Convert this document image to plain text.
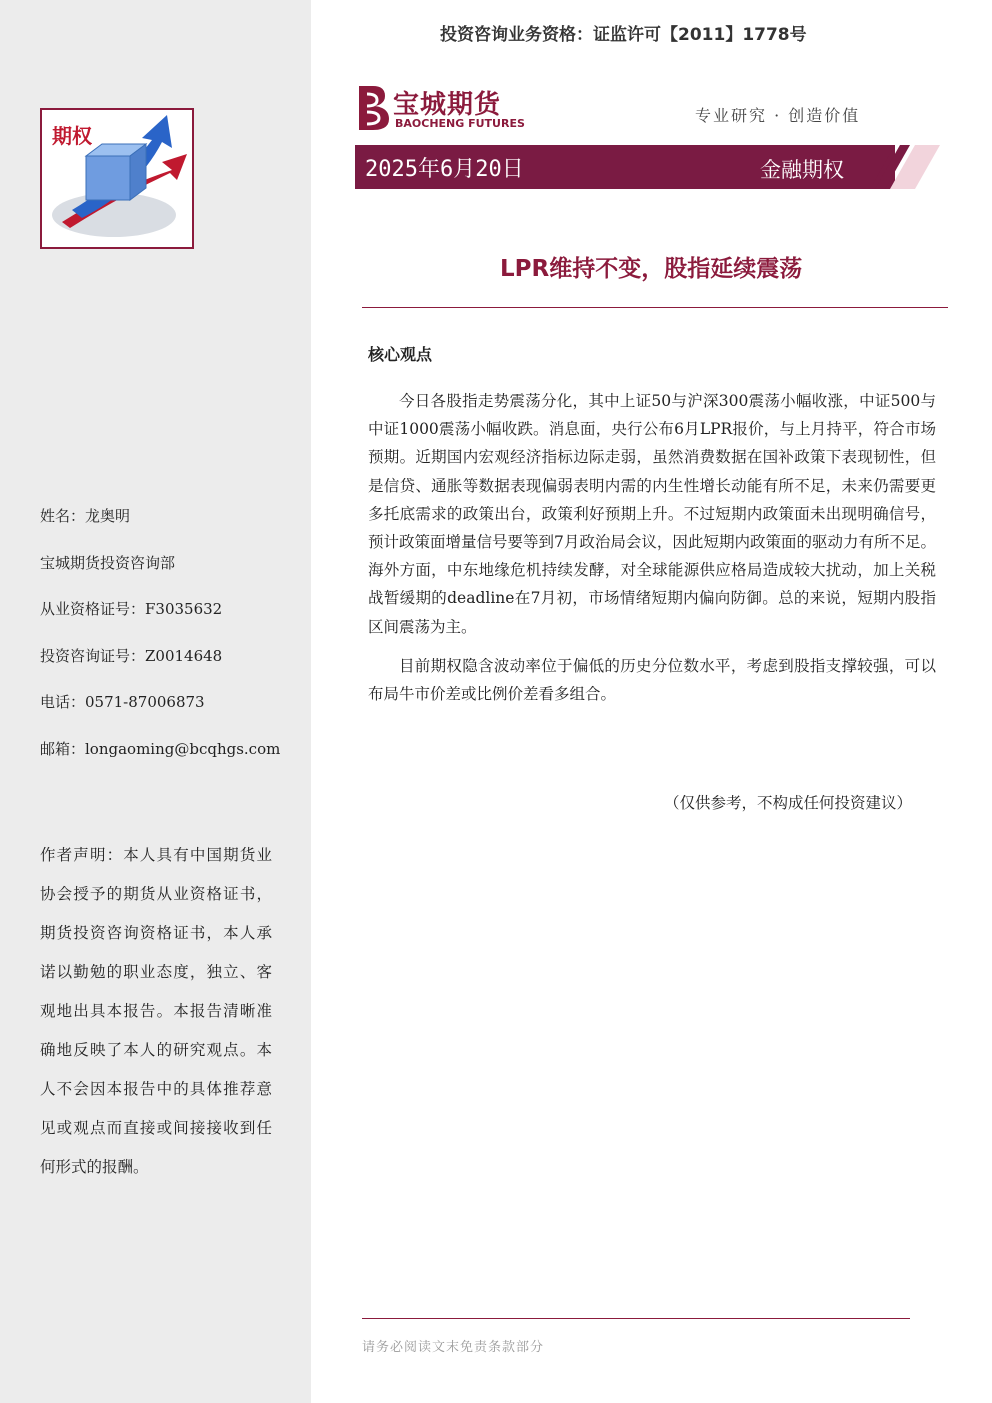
期权
姓名：龙奥明
宝城期货投资咨询部
从业资格证号：F3035632
投资咨询证号：Z0014648
电话：0571-87006873
邮箱：longaoming@bcqhgs.com
作者声明：本人具有中国期货业协会授予的期货从业资格证书，期货投资咨询资格证书，本人承诺以勤勉的职业态度，独立、客观地出具本报告。本报告清晰准确地反映了本人的研究观点。本人不会因本报告中的具体推荐意见或观点而直接或间接接收到任何形式的报酬。
投资咨询业务资格：证监许可【2011】1778号
宝城期货
BAOCHENG FUTURES	专业研究 · 创造价值
2025年6月20日	金融期权
LPR维持不变，股指延续震荡
核心观点

今日各股指走势震荡分化，其中上证50与沪深300震荡小幅收涨，中证500与中证1000震荡小幅收跌。消息面，央行公布6月LPR报价，与上月持平，符合市场预期。近期国内宏观经济指标边际走弱，虽然消费数据在国补政策下表现韧性，但是信贷、通胀等数据表现偏弱表明内需的内生性增长动能有所不足，未来仍需要更多托底需求的政策出台，政策利好预期上升。不过短期内政策面未出现明确信号，预计政策面增量信号要等到7月政治局会议，因此短期内政策面的驱动力有所不足。海外方面，中东地缘危机持续发酵，对全球能源供应格局造成较大扰动，加上关税战暂缓期的deadline在7月初，市场情绪短期内偏向防御。总的来说，短期内股指区间震荡为主。

目前期权隐含波动率位于偏低的历史分位数水平，考虑到股指支撑较强，可以布局牛市价差或比例价差看多组合。

（仅供参考，不构成任何投资建议）
请务必阅读文末免责条款部分
